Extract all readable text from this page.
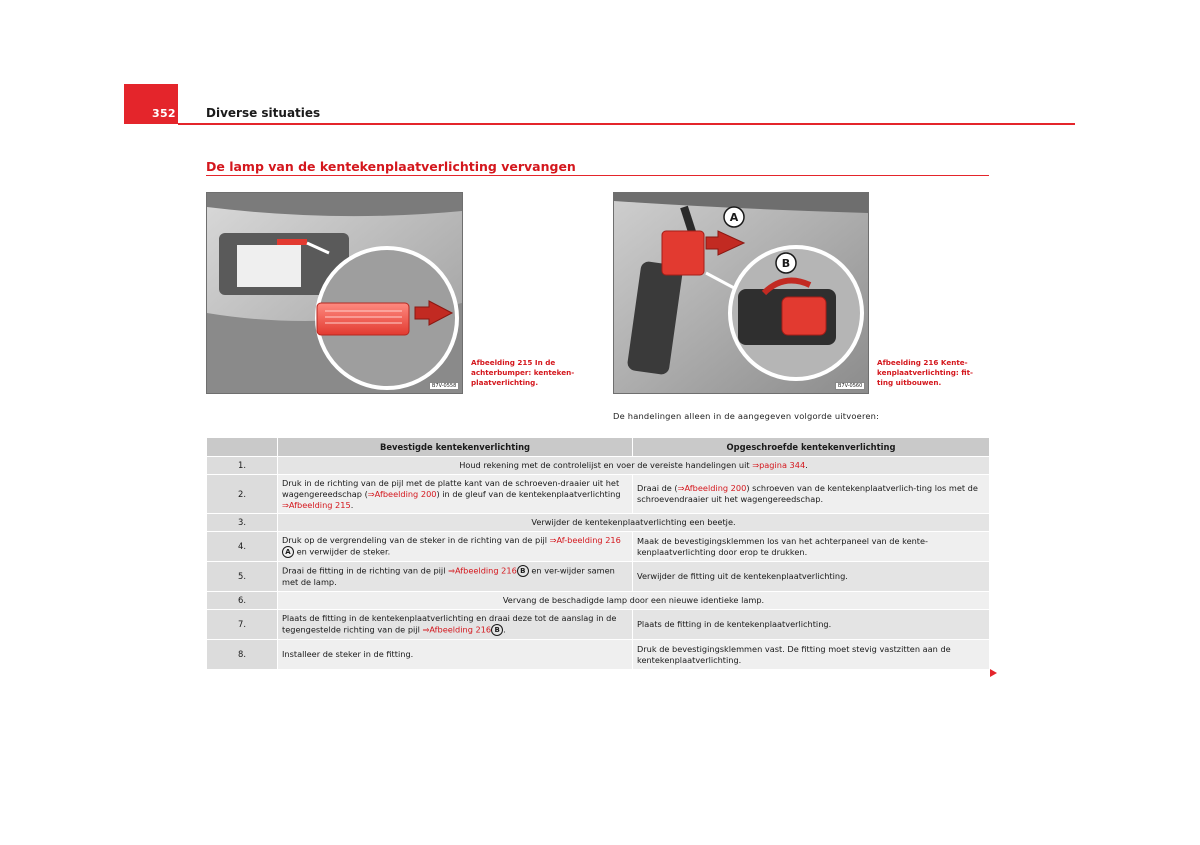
352	Diverse situaties
De lamp van de kentekenplaatverlichting vervangen
B7V-0558
Afbeelding 215 In de achterbumper: kenteken-plaatverlichting.
A
B
B7V-0560
Afbeelding 216 Kente-kenplaatverlichting: fit-ting uitbouwen.
De handelingen alleen in de aangegeven volgorde uitvoeren:
	Bevestigde kentekenverlichting	Opgeschroefde kentekenverlichting
1.	Houd rekening met de controlelijst en voer de vereiste handelingen uit ⇒pagina 344.	
2.	Druk in de richting van de pijl met de platte kant van de schroeven-draaier uit het wagengereedschap (⇒Afbeelding 200) in de gleuf van de kentekenplaatverlichting ⇒Afbeelding 215.	Draai de (⇒Afbeelding 200) schroeven van de kentekenplaatverlich-ting los met de schroevendraaier uit het wagengereedschap.
3.	Verwijder de kentekenplaatverlichting een beetje.	
4.	Druk op de vergrendeling van de steker in de richting van de pijl ⇒Af-beelding 216A en verwijder de steker.	Maak de bevestigingsklemmen los van het achterpaneel van de kente-kenplaatverlichting door erop te drukken.
5.	Draai de fitting in de richting van de pijl ⇒Afbeelding 216 B en ver-wijder samen met de lamp.	Verwijder de fitting uit de kentekenplaatverlichting.
6.	Vervang de beschadigde lamp door een nieuwe identieke lamp.	
7.	Plaats de fitting in de kentekenplaatverlichting en draai deze tot de aanslag in de tegengestelde richting van de pijl ⇒Afbeelding 216 B .	Plaats de fitting in de kentekenplaatverlichting.
8.	Installeer de steker in de fitting.	Druk de bevestigingsklemmen vast. De fitting moet stevig vastzitten aan de kentekenplaatverlichting.
